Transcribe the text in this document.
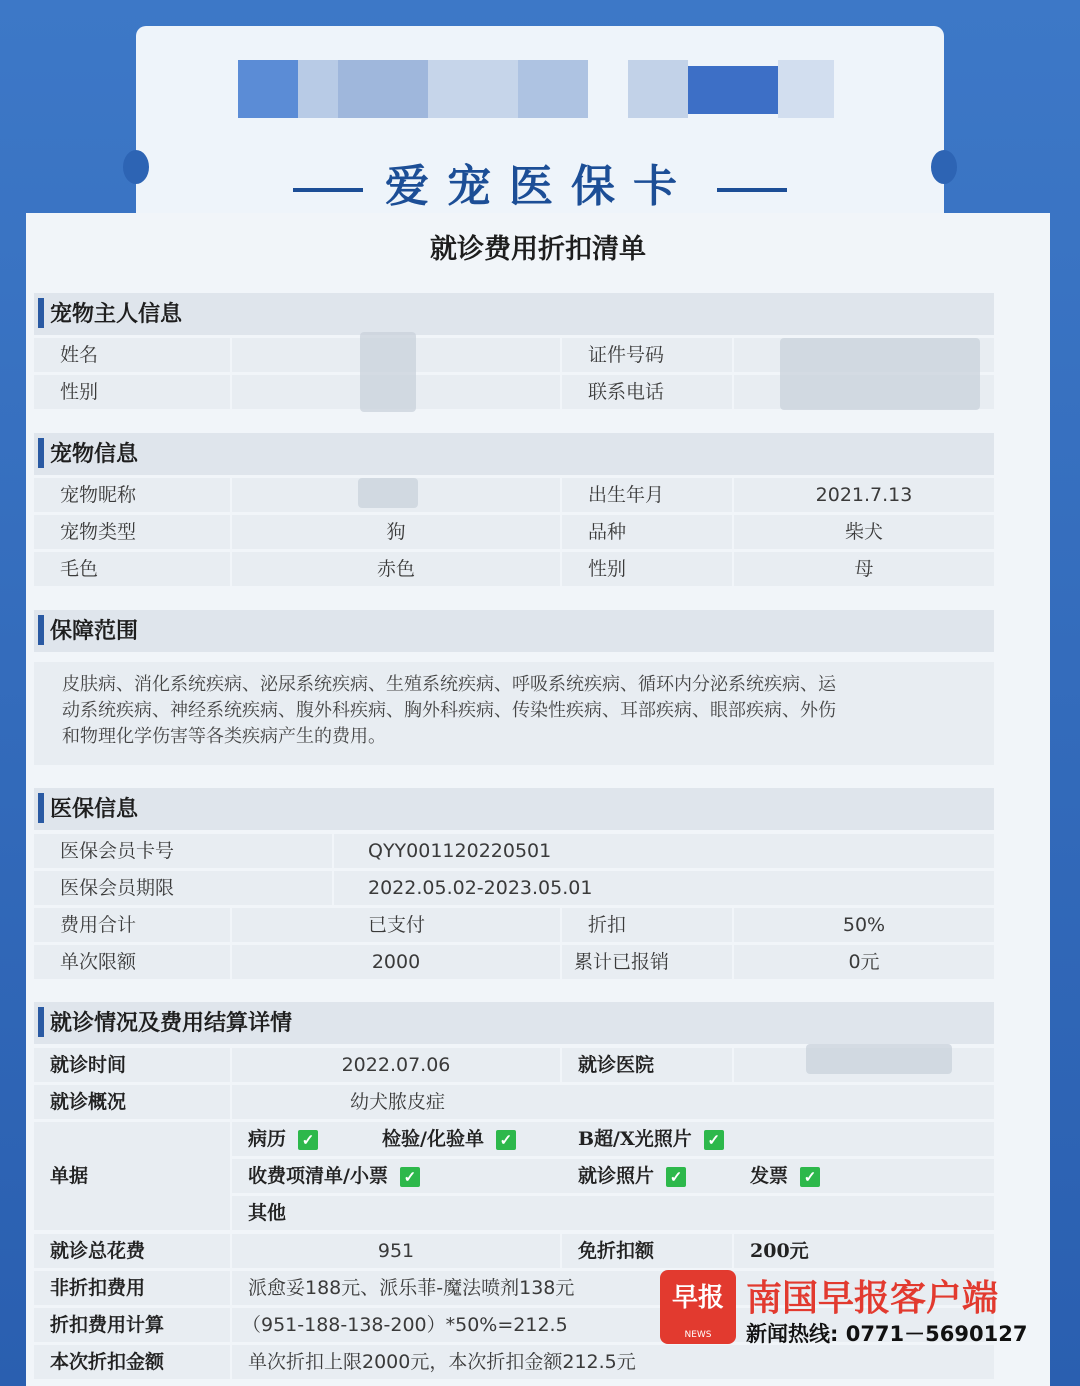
爱宠医保卡
就诊费用折扣清单
宠物主人信息
姓名	证件号码
性别	联系电话
宠物信息
宠物昵称	出生年月	2021.7.13
宠物类型	狗	品种	柴犬
毛色	赤色	性别	母
保障范围
皮肤病、消化系统疾病、泌尿系统疾病、生殖系统疾病、呼吸系统疾病、循环内分泌系统疾病、运
动系统疾病、神经系统疾病、腹外科疾病、胸外科疾病、传染性疾病、耳部疾病、眼部疾病、外伤
和物理化学伤害等各类疾病产生的费用。
医保信息
医保会员卡号	QYY001120220501
医保会员期限	2022.05.02-2023.05.01
费用合计	已支付	折扣	50%
单次限额	2000	累计已报销	0元
就诊情况及费用结算详情
就诊时间	2022.07.06	就诊医院
就诊概况	幼犬脓皮症
单据
病历 ✓	检验/化验单 ✓	B超/X光照片 ✓
收费项清单/小票 ✓	就诊照片 ✓	发票 ✓
其他
就诊总花费	951	免折扣额	200元
非折扣费用	派愈妥188元、派乐菲-魔法喷剂138元
折扣费用计算	（951-188-138-200）*50%=212.5
本次折扣金额	单次折扣上限2000元，本次折扣金额212.5元
早报
NEWS
南国早报客户端
新闻热线: 0771－5690127
